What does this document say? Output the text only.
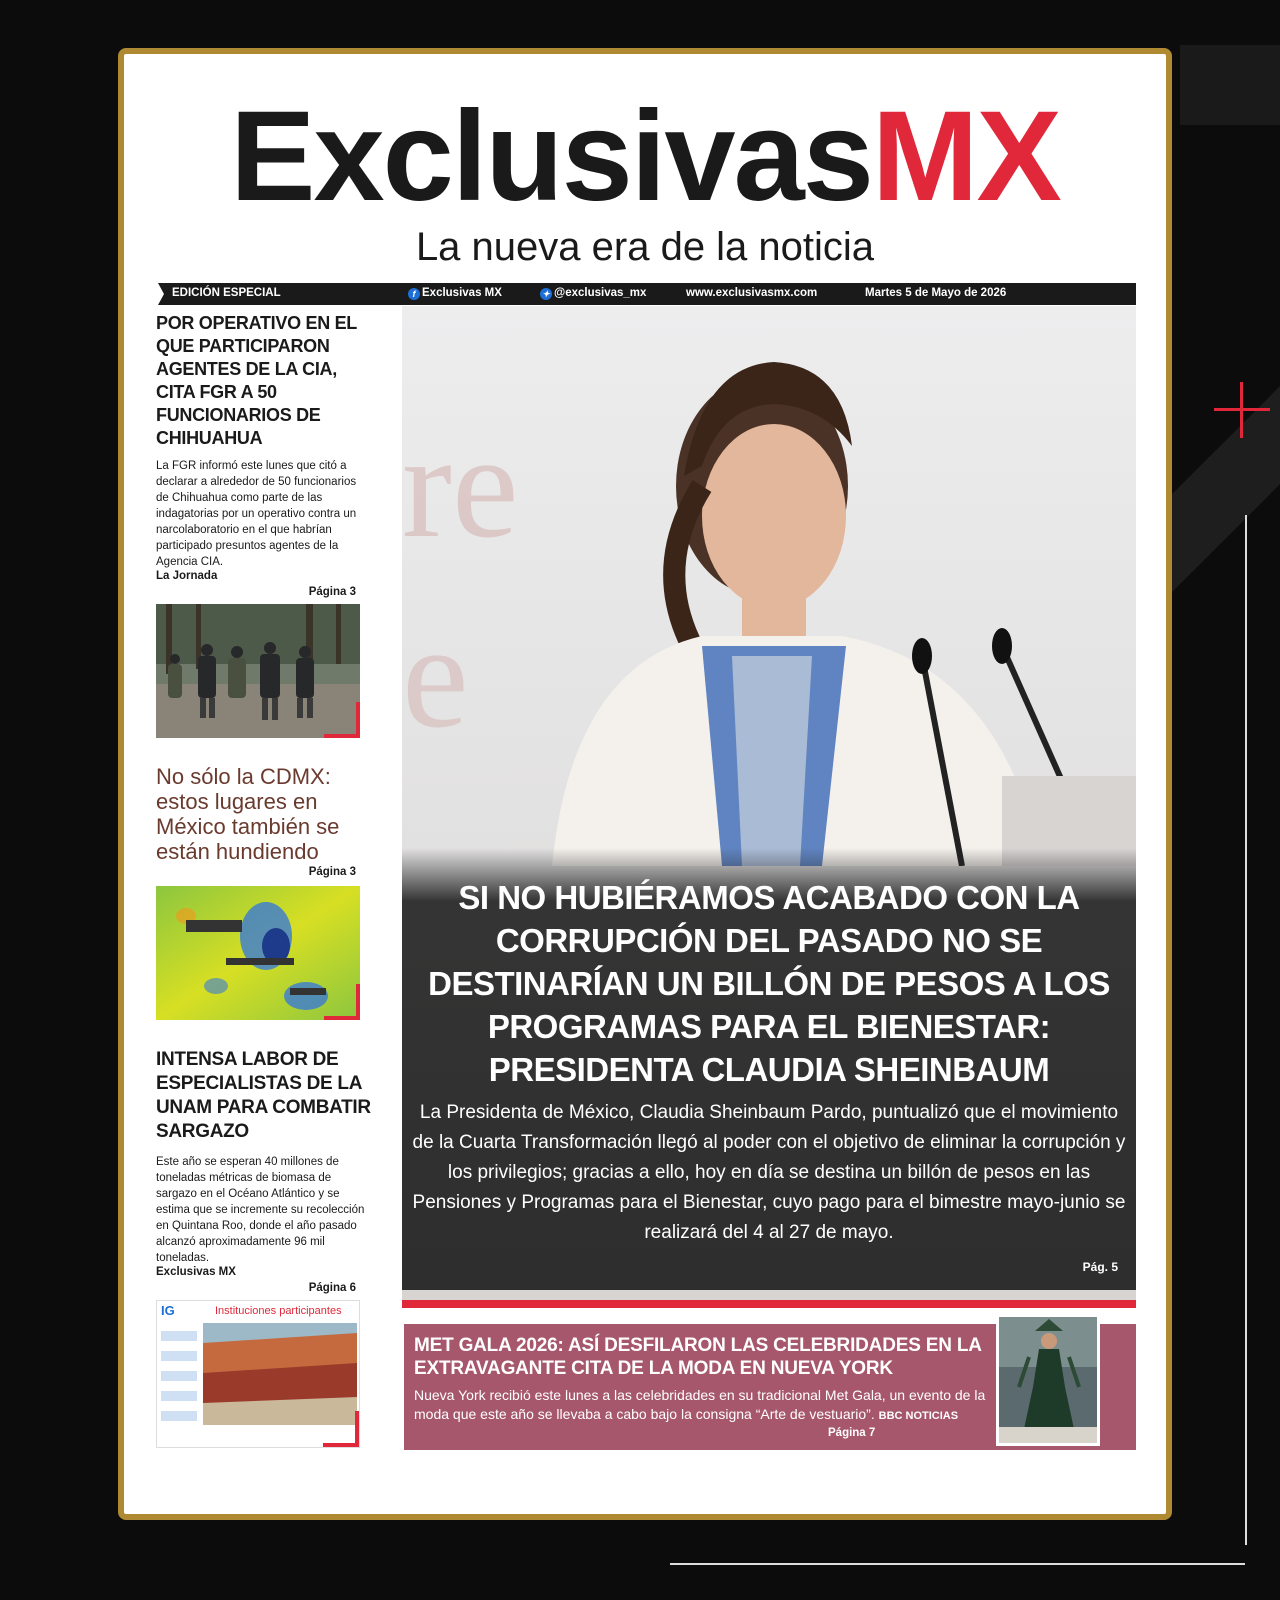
ExclusivasMX
La nueva era de la noticia
EDICIÓN ESPECIAL	f Exclusivas MX	✦ @exclusivas_mx	www.exclusivasmx.com	Martes 5 de Mayo de 2026
POR OPERATIVO EN EL QUE PARTICIPARON AGENTES DE LA CIA, CITA FGR A 50 FUNCIONARIOS DE CHIHUAHUA
La FGR informó este lunes que citó a declarar a alrededor de 50 funcionarios de Chihuahua como parte de las indagatorias por un operativo contra un narcolaboratorio en el que habrían participado presuntos agentes de la Agencia CIA.
La Jornada
Página 3
No sólo la CDMX: estos lugares en México también se están hundiendo
Página 3
INTENSA LABOR DE ESPECIALISTAS DE LA UNAM PARA COMBATIR SARGAZO
Este año se esperan 40 millones de toneladas métricas de biomasa de sargazo en el Océano Atlántico y se estima que se incremente su recolección en Quintana Roo, donde el año pasado alcanzó aproximadamente 96 mil toneladas.
Exclusivas MX
Página 6
IG	Instituciones participantes
re
e
SI NO HUBIÉRAMOS ACABADO CON LA CORRUPCIÓN DEL PASADO NO SE DESTINARÍAN UN BILLÓN DE PESOS A LOS PROGRAMAS PARA EL BIENESTAR: PRESIDENTA CLAUDIA SHEINBAUM
La Presidenta de México, Claudia Sheinbaum Pardo, puntualizó que el movimiento de la Cuarta Transformación llegó al poder con el objetivo de eliminar la corrupción y los privilegios; gracias a ello, hoy en día se destina un billón de pesos en las Pensiones y Programas para el Bienestar, cuyo pago para el bimestre mayo-junio se realizará del 4 al 27 de mayo.
Pág. 5
MET GALA 2026: ASÍ DESFILARON LAS CELEBRIDADES EN LA EXTRAVAGANTE CITA DE LA MODA EN NUEVA YORK
Nueva York recibió este lunes a las celebridades en su tradicional Met Gala, un evento de la moda que este año se llevaba a cabo bajo la consigna “Arte de vestuario”. BBC NOTICIAS
Página 7
